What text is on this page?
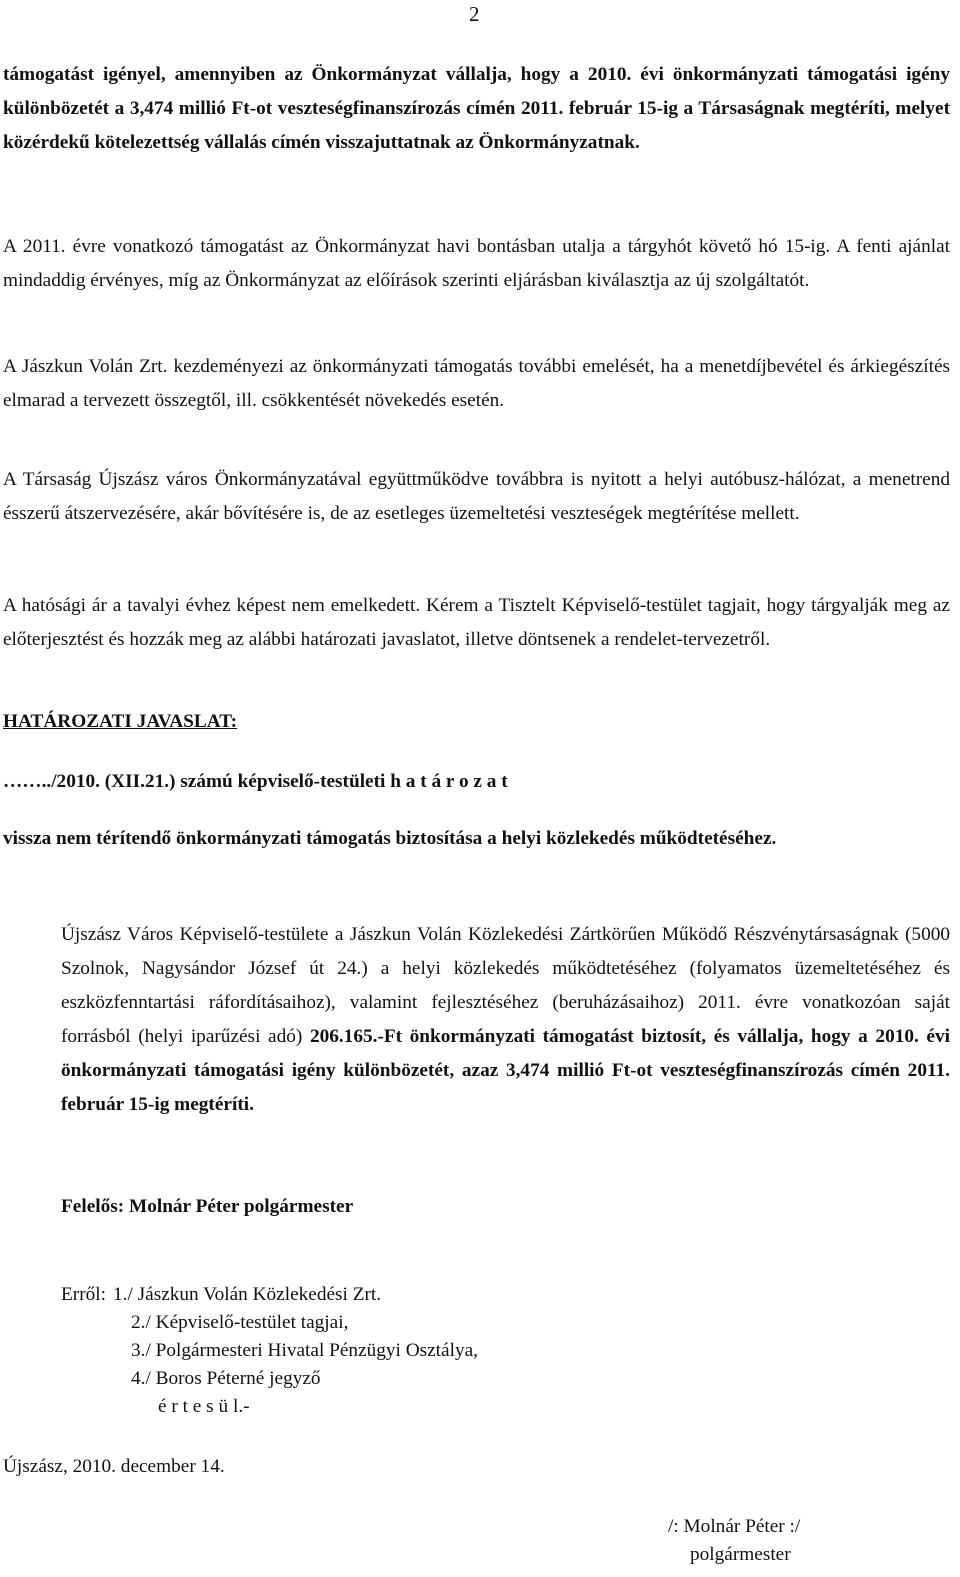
2

támogatást igényel, amennyiben az Önkormányzat vállalja, hogy a 2010. évi önkormányzati támogatási igény különbözetét a 3,474 millió Ft-ot veszteségfinanszírozás címén 2011. február 15-ig a Társaságnak megtéríti, melyet közérdekű kötelezettség vállalás címén visszajuttatnak az Önkormányzatnak.

A 2011. évre vonatkozó támogatást az Önkormányzat havi bontásban utalja a tárgyhót követő hó 15-ig. A fenti ajánlat mindaddig érvényes, míg az Önkormányzat az előírások szerinti eljárásban kiválasztja az új szolgáltatót.

A Jászkun Volán Zrt. kezdeményezi az önkormányzati támogatás további emelését, ha a menetdíjbevétel és árkiegészítés elmarad a tervezett összegtől, ill. csökkentését növekedés esetén.

A Társaság Újszász város Önkormányzatával együttműködve továbbra is nyitott a helyi autóbusz-hálózat, a menetrend ésszerű átszervezésére, akár bővítésére is, de az esetleges üzemeltetési veszteségek megtérítése mellett.

A hatósági ár a tavalyi évhez képest nem emelkedett. Kérem a Tisztelt Képviselő-testület tagjait, hogy tárgyalják meg az előterjesztést és hozzák meg az alábbi határozati javaslatot, illetve döntsenek a rendelet-tervezetről.

HATÁROZATI JAVASLAT:
……../2010. (XII.21.) számú képviselő-testületi h a t á r o z a t

vissza nem térítendő önkormányzati támogatás biztosítása a helyi közlekedés működtetéséhez.

Újszász Város Képviselő-testülete a Jászkun Volán Közlekedési Zártkörűen Működő Részvénytársaságnak (5000 Szolnok, Nagysándor József út 24.) a helyi közlekedés működtetéséhez (folyamatos üzemeltetéséhez és eszközfenntartási ráfordításaihoz), valamint fejlesztéséhez (beruházásaihoz) 2011. évre vonatkozóan saját forrásból (helyi iparűzési adó) 206.165.-Ft önkormányzati támogatást biztosít, és vállalja, hogy a 2010. évi önkormányzati támogatási igény különbözetét, azaz 3,474 millió Ft-ot veszteségfinanszírozás címén 2011. február 15-ig megtéríti.

Felelős: Molnár Péter polgármester
Erről: 1./ Jászkun Volán Közlekedési Zrt.
2./ Képviselő-testület tagjai,
3./ Polgármesteri Hivatal Pénzügyi Osztálya,
4./ Boros Péterné jegyző
é r t e s ü l.-
Újszász, 2010. december 14.
/: Molnár Péter :/
polgármester
